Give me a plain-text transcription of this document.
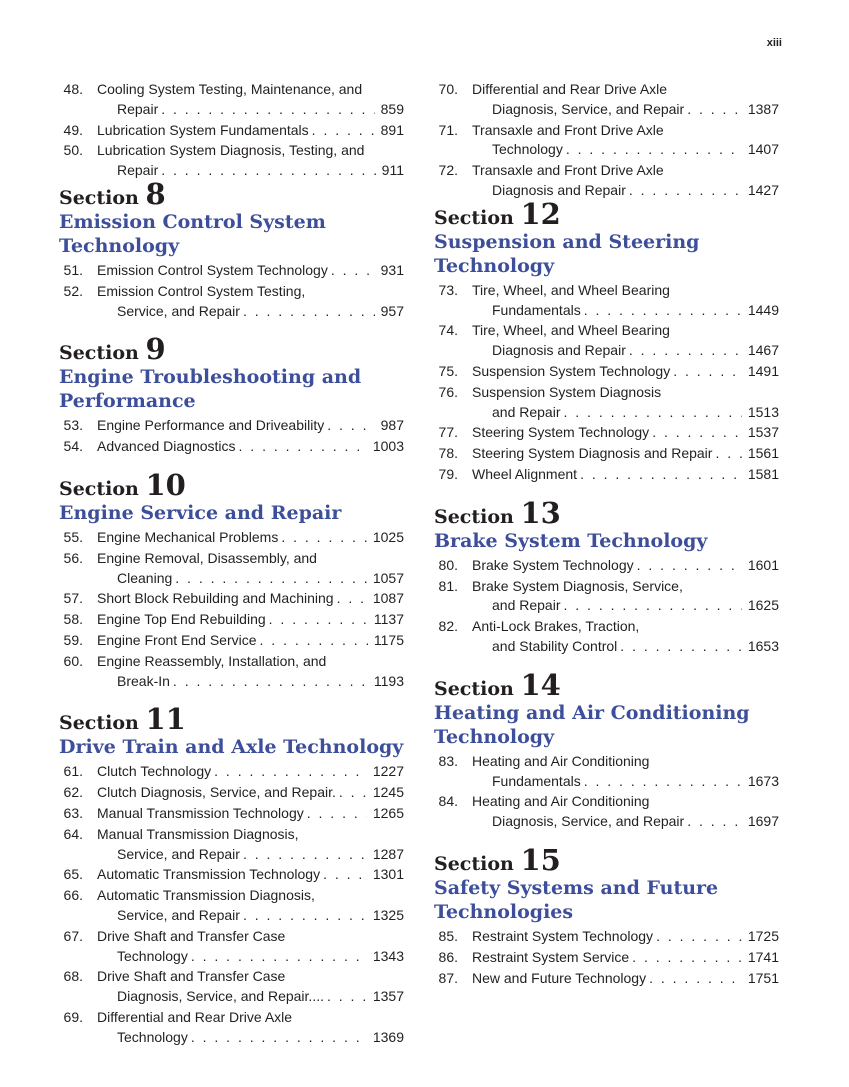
xiii
48. Cooling System Testing, Maintenance, and
Repair . . .	859
49. Lubrication System Fundamentals . . .	891
50. Lubrication System Diagnosis, Testing, and
Repair . . .	911
Section 8
Emission Control System Technology
51. Emission Control System Technology . . .	931
52. Emission Control System Testing,
Service, and Repair . . .	957
Section 9
Engine Troubleshooting and Performance
53. Engine Performance and Driveability . . .	987
54. Advanced Diagnostics . . .	1003
Section 10
Engine Service and Repair
55. Engine Mechanical Problems . . .	1025
56. Engine Removal, Disassembly, and
Cleaning . . .	1057
57. Short Block Rebuilding and Machining . . .	1087
58. Engine Top End Rebuilding . . .	1137
59. Engine Front End Service . . .	1175
60. Engine Reassembly, Installation, and
Break-In . . .	1193
Section 11
Drive Train and Axle Technology
61. Clutch Technology . . .	1227
62. Clutch Diagnosis, Service, and Repair. . . .	1245
63. Manual Transmission Technology . . .	1265
64. Manual Transmission Diagnosis,
Service, and Repair . . .	1287
65. Automatic Transmission Technology . . .	1301
66. Automatic Transmission Diagnosis,
Service, and Repair . . .	1325
67. Drive Shaft and Transfer Case
Technology . . .	1343
68. Drive Shaft and Transfer Case
Diagnosis, Service, and Repair.... . . .	1357
69. Differential and Rear Drive Axle
Technology . . .	1369
70. Differential and Rear Drive Axle
Diagnosis, Service, and Repair . . .	1387
71. Transaxle and Front Drive Axle
Technology . . .	1407
72. Transaxle and Front Drive Axle
Diagnosis and Repair . . .	1427
Section 12
Suspension and Steering Technology
73. Tire, Wheel, and Wheel Bearing
Fundamentals . . .	1449
74. Tire, Wheel, and Wheel Bearing
Diagnosis and Repair . . .	1467
75. Suspension System Technology . . .	1491
76. Suspension System Diagnosis
and Repair . . .	1513
77. Steering System Technology . . .	1537
78. Steering System Diagnosis and Repair . . .	1561
79. Wheel Alignment . . .	1581
Section 13
Brake System Technology
80. Brake System Technology . . .	1601
81. Brake System Diagnosis, Service,
and Repair . . .	1625
82. Anti-Lock Brakes, Traction,
and Stability Control . . .	1653
Section 14
Heating and Air Conditioning Technology
83. Heating and Air Conditioning
Fundamentals . . .	1673
84. Heating and Air Conditioning
Diagnosis, Service, and Repair . . .	1697
Section 15
Safety Systems and Future Technologies
85. Restraint System Technology . . .	1725
86. Restraint System Service . . .	1741
87. New and Future Technology . . .	1751
